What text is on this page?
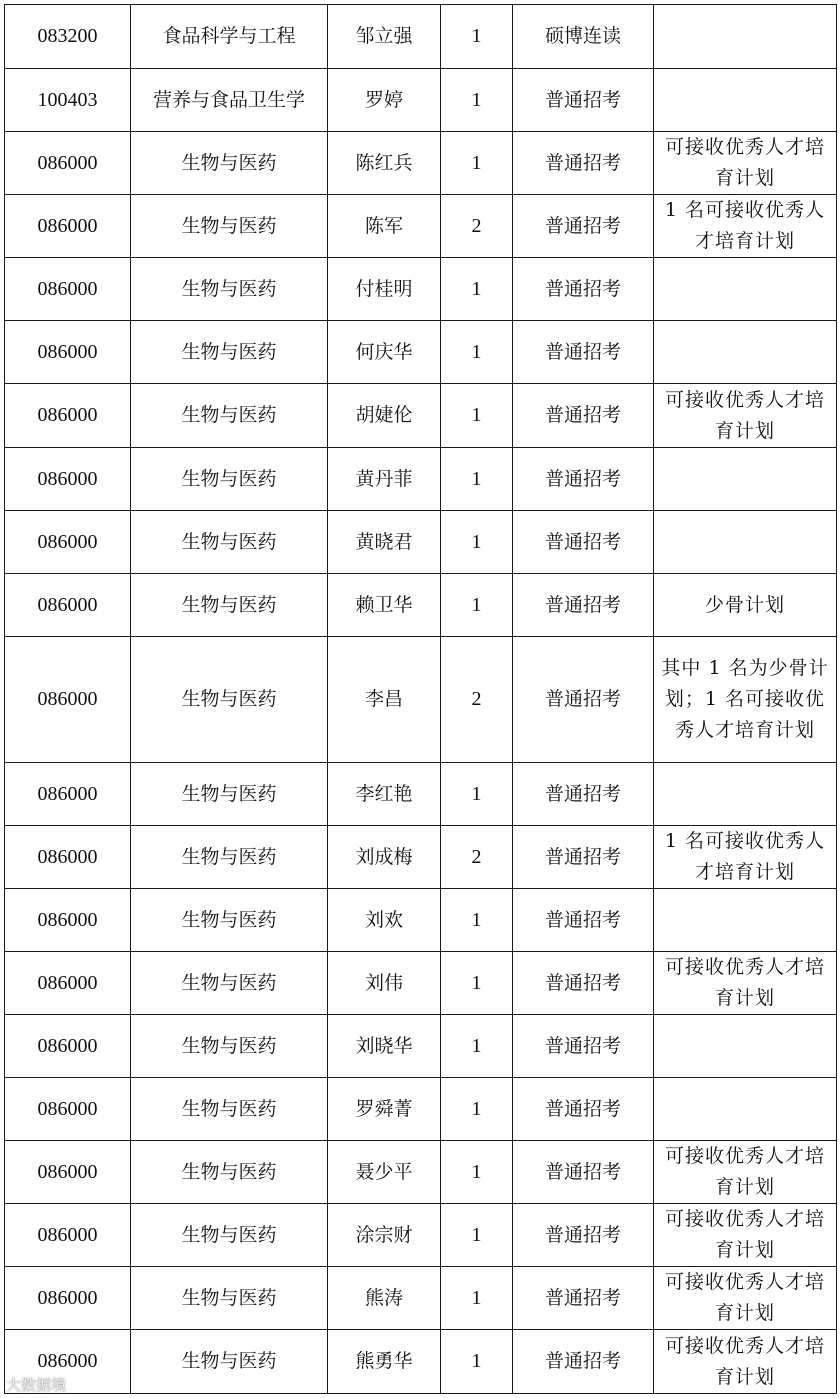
083200	食品科学与工程	邹立强	1	硕博连读	
100403	营养与食品卫生学	罗婷	1	普通招考	
086000	生物与医药	陈红兵	1	普通招考	可接收优秀人才培育计划
086000	生物与医药	陈军	2	普通招考	1 名可接收优秀人才培育计划
086000	生物与医药	付桂明	1	普通招考	
086000	生物与医药	何庆华	1	普通招考	
086000	生物与医药	胡婕伦	1	普通招考	可接收优秀人才培育计划
086000	生物与医药	黄丹菲	1	普通招考	
086000	生物与医药	黄晓君	1	普通招考	
086000	生物与医药	赖卫华	1	普通招考	少骨计划
086000	生物与医药	李昌	2	普通招考	其中 1 名为少骨计划；1 名可接收优秀人才培育计划
086000	生物与医药	李红艳	1	普通招考	
086000	生物与医药	刘成梅	2	普通招考	1 名可接收优秀人才培育计划
086000	生物与医药	刘欢	1	普通招考	
086000	生物与医药	刘伟	1	普通招考	可接收优秀人才培育计划
086000	生物与医药	刘晓华	1	普通招考	
086000	生物与医药	罗舜菁	1	普通招考	
086000	生物与医药	聂少平	1	普通招考	可接收优秀人才培育计划
086000	生物与医药	涂宗财	1	普通招考	可接收优秀人才培育计划
086000	生物与医药	熊涛	1	普通招考	可接收优秀人才培育计划
086000	生物与医药	熊勇华	1	普通招考	可接收优秀人才培育计划
大数据境
